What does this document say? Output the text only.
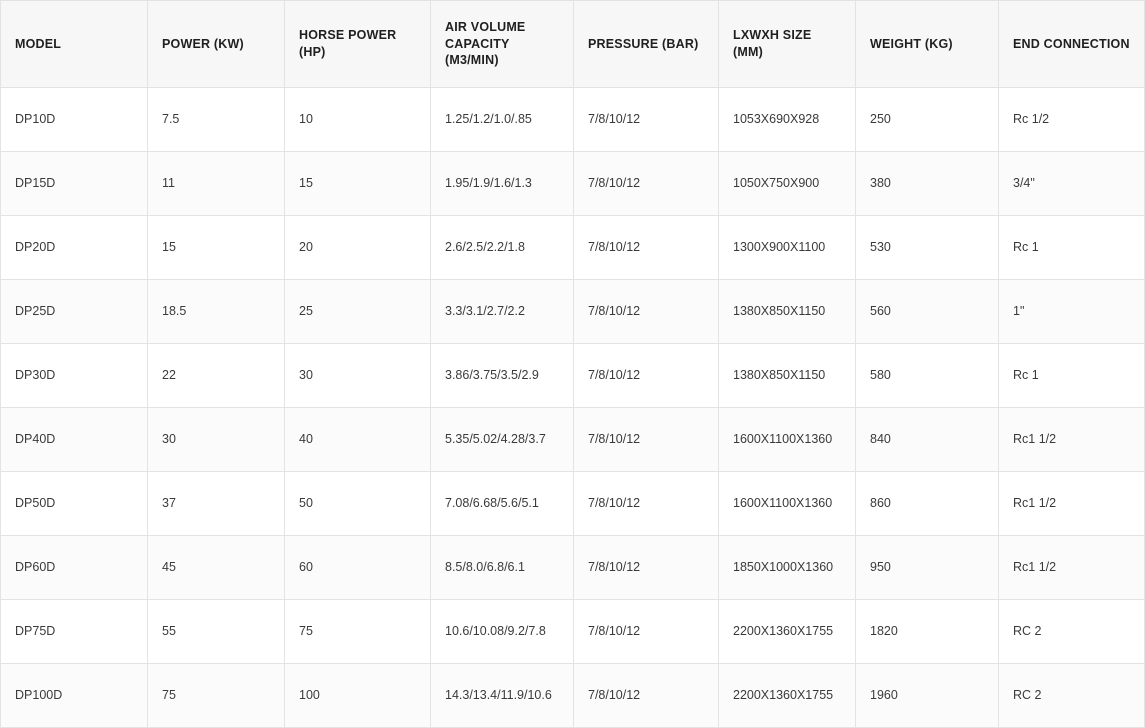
MODEL	POWER (KW)	HORSE POWER (HP)	AIR VOLUME CAPACITY (M3/MIN)	PRESSURE (BAR)	LXWXH SIZE (MM)	WEIGHT (KG)	END CONNECTION
DP10D	7.5	10	1.25/1.2/1.0/.85	7/8/10/12	1053X690X928	250	Rc 1/2
DP15D	11	15	1.95/1.9/1.6/1.3	7/8/10/12	1050X750X900	380	3/4"
DP20D	15	20	2.6/2.5/2.2/1.8	7/8/10/12	1300X900X1100	530	Rc 1
DP25D	18.5	25	3.3/3.1/2.7/2.2	7/8/10/12	1380X850X1150	560	1"
DP30D	22	30	3.86/3.75/3.5/2.9	7/8/10/12	1380X850X1150	580	Rc 1
DP40D	30	40	5.35/5.02/4.28/3.7	7/8/10/12	1600X1100X1360	840	Rc1 1/2
DP50D	37	50	7.08/6.68/5.6/5.1	7/8/10/12	1600X1100X1360	860	Rc1 1/2
DP60D	45	60	8.5/8.0/6.8/6.1	7/8/10/12	1850X1000X1360	950	Rc1 1/2
DP75D	55	75	10.6/10.08/9.2/7.8	7/8/10/12	2200X1360X1755	1820	RC 2
DP100D	75	100	14.3/13.4/11.9/10.6	7/8/10/12	2200X1360X1755	1960	RC 2
